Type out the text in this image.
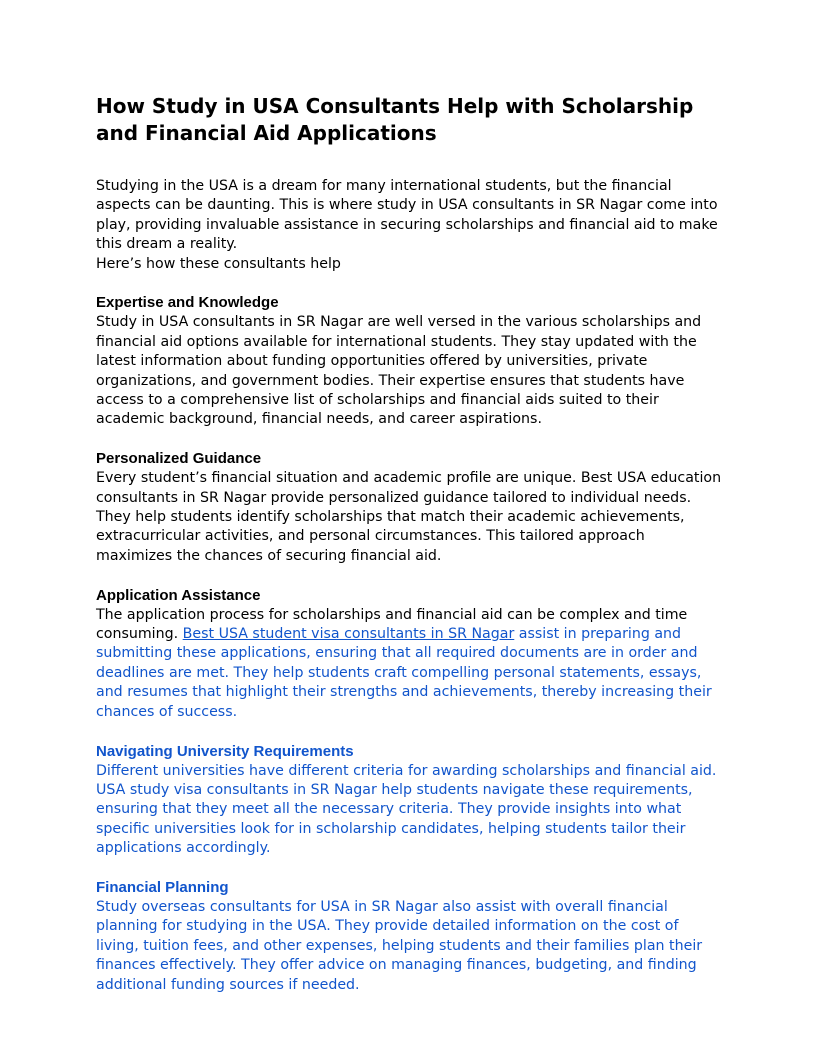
How Study in USA Consultants Help with Scholarship and Financial Aid Applications

Studying in the USA is a dream for many international students, but the financial aspects can be daunting. This is where study in USA consultants in SR Nagar come into play, providing invaluable assistance in securing scholarships and financial aid to make this dream a reality.

Here’s how these consultants help

Expertise and Knowledge

Study in USA consultants in SR Nagar are well versed in the various scholarships and financial aid options available for international students. They stay updated with the latest information about funding opportunities offered by universities, private organizations, and government bodies. Their expertise ensures that students have access to a comprehensive list of scholarships and financial aids suited to their academic background, financial needs, and career aspirations.

Personalized Guidance

Every student’s financial situation and academic profile are unique. Best USA education consultants in SR Nagar provide personalized guidance tailored to individual needs. They help students identify scholarships that match their academic achievements, extracurricular activities, and personal circumstances. This tailored approach maximizes the chances of securing financial aid.

Application Assistance

The application process for scholarships and financial aid can be complex and time consuming. Best USA student visa consultants in SR Nagar assist in preparing and submitting these applications, ensuring that all required documents are in order and deadlines are met. They help students craft compelling personal statements, essays, and resumes that highlight their strengths and achievements, thereby increasing their chances of success.

Navigating University Requirements

Different universities have different criteria for awarding scholarships and financial aid. USA study visa consultants in SR Nagar help students navigate these requirements, ensuring that they meet all the necessary criteria. They provide insights into what specific universities look for in scholarship candidates, helping students tailor their applications accordingly.

Financial Planning

Study overseas consultants for USA in SR Nagar also assist with overall financial planning for studying in the USA. They provide detailed information on the cost of living, tuition fees, and other expenses, helping students and their families plan their finances effectively. They offer advice on managing finances, budgeting, and finding additional funding sources if needed.
